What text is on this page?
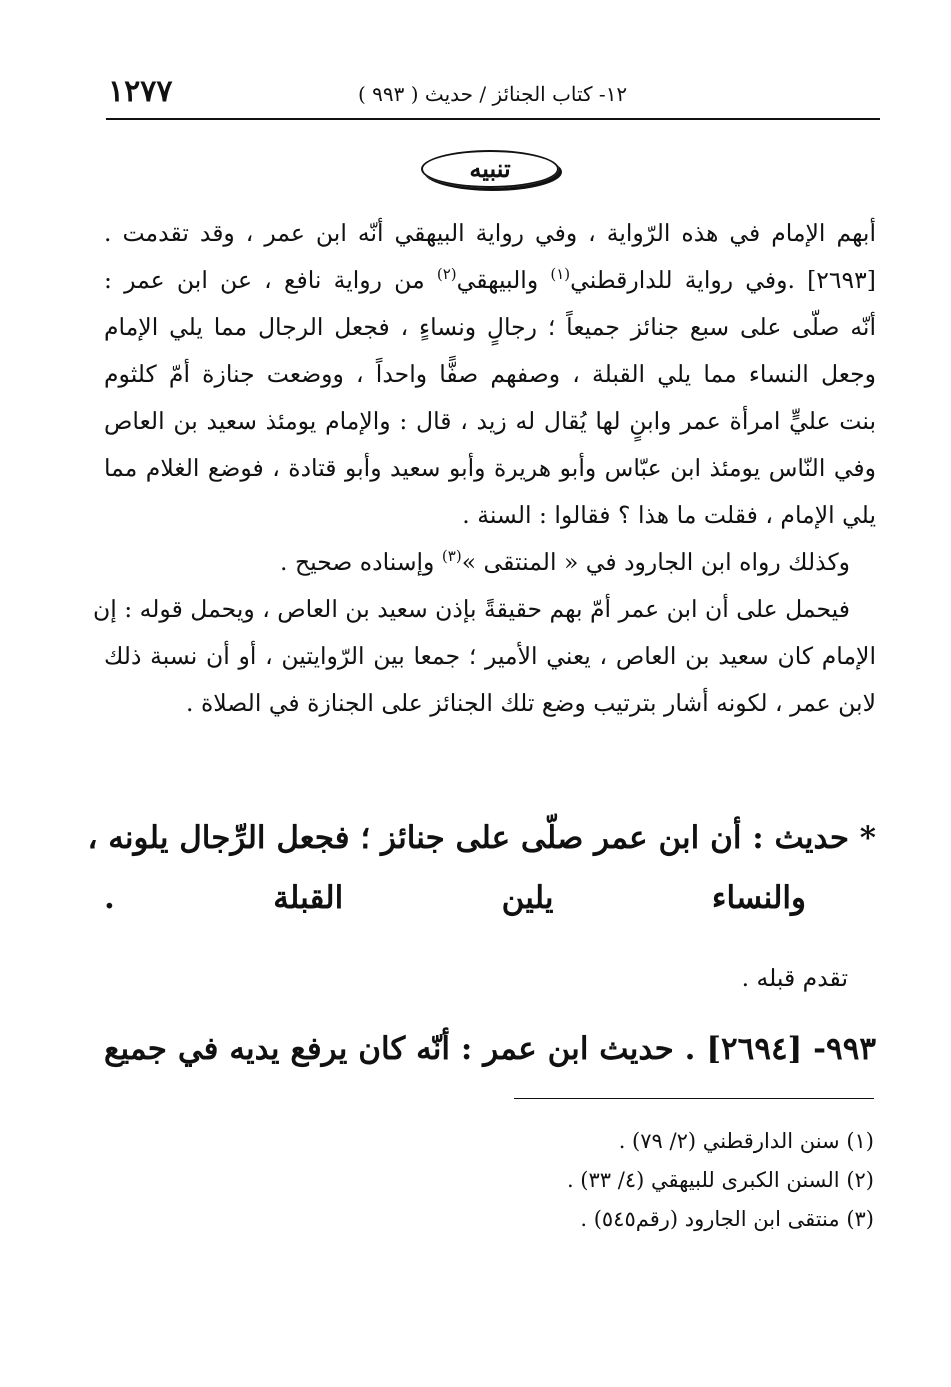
١٢٧٧	١٢- كتاب الجنائز / حديث ( ٩٩٣ )
تنبيه
أبهم الإمام في هذه الرّواية ، وفي رواية البيهقي أنّه ابن عمر ، وقد تقدمت .
[٢٦٩٣] .وفي رواية للدارقطني$^{(١)}$ والبيهقي$^{(٢)}$ من رواية نافع ، عن ابن عمر :
أنّه صلّى على سبع جنائز جميعاً ؛ رجالٍ ونساءٍ ، فجعل الرجال مما يلي الإمام
وجعل النساء مما يلي القبلة ، وصفهم صفًّا واحداً ، ووضعت جنازة أمّ كلثوم
بنت عليٍّ امرأة عمر وابنٍ لها يُقال له زيد ، قال : والإمام يومئذ سعيد بن العاص
وفي النّاس يومئذ ابن عبّاس وأبو هريرة وأبو سعيد وأبو قتادة ، فوضع الغلام مما
يلي الإمام ، فقلت ما هذا ؟ فقالوا : السنة .
وكذلك رواه ابن الجارود في « المنتقى »$^{(٣)}$ وإسناده صحيح .
فيحمل على أن ابن عمر أمّ بهم حقيقةً بإذن سعيد بن العاص ، ويحمل قوله : إن
الإمام كان سعيد بن العاص ، يعني الأمير ؛ جمعا بين الرّوايتين ، أو أن نسبة ذلك
لابن عمر ، لكونه أشار بترتيب وضع تلك الجنائز على الجنازة في الصلاة .
* حديث : أن ابن عمر صلّى على جنائز ؛ فجعل الرِّجال يلونه ،
والنساء يلين القبلة .
تقدم قبله .
٩٩٣- [٢٦٩٤] . حديث ابن عمر : أنّه كان يرفع يديه في جميع
(١) سنن الدارقطني (٢/ ٧٩) .
(٢) السنن الكبرى للبيهقي (٤/ ٣٣) .
(٣) منتقى ابن الجارود (رقم٥٤٥) .
